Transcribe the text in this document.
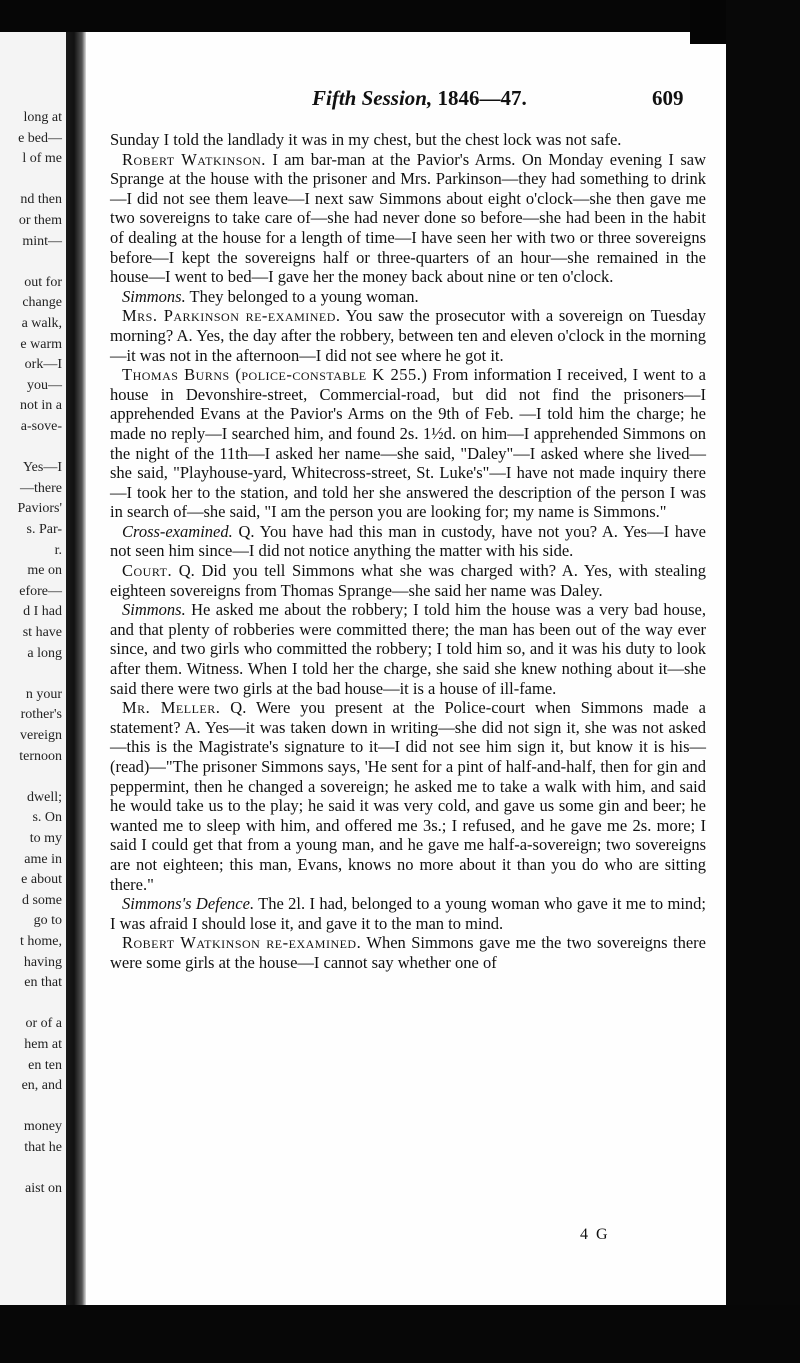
long at
e bed—
l of me
nd then
or them
mint—
out for
change
a walk,
e warm
ork—I
you—
not in a
a-sove-
Yes—I
—there
Paviors'
s. Par-
r.
me on
efore—
d I had
st have
a long
n your
rother's
vereign
ternoon
dwell;
s. On
to my
ame in
e about
d some
go to
t home,
having
en that
or of a
hem at
en ten
en, and
money
that he
aist on
Fifth Session, 1846—47.	609

Sunday I told the landlady it was in my chest, but the chest lock was not safe.

Robert Watkinson. I am bar-man at the Pavior's Arms. On Monday evening I saw Sprange at the house with the prisoner and Mrs. Parkinson—they had something to drink—I did not see them leave—I next saw Simmons about eight o'clock—she then gave me two sovereigns to take care of—she had never done so before—she had been in the habit of dealing at the house for a length of time—I have seen her with two or three sovereigns before—I kept the sovereigns half or three-quarters of an hour—she remained in the house—I went to bed—I gave her the money back about nine or ten o'clock.

Simmons. They belonged to a young woman.

Mrs. Parkinson re-examined. You saw the prosecutor with a sovereign on Tuesday morning? A. Yes, the day after the robbery, between ten and eleven o'clock in the morning—it was not in the afternoon—I did not see where he got it.

Thomas Burns (police-constable K 255.) From information I received, I went to a house in Devonshire-street, Commercial-road, but did not find the prisoners—I apprehended Evans at the Pavior's Arms on the 9th of Feb. —I told him the charge; he made no reply—I searched him, and found 2s. 1½d. on him—I apprehended Simmons on the night of the 11th—I asked her name—she said, "Daley"—I asked where she lived—she said, "Playhouse-yard, Whitecross-street, St. Luke's"—I have not made inquiry there —I took her to the station, and told her she answered the description of the person I was in search of—she said, "I am the person you are looking for; my name is Simmons."

Cross-examined. Q. You have had this man in custody, have not you? A. Yes—I have not seen him since—I did not notice anything the matter with his side.

Court. Q. Did you tell Simmons what she was charged with? A. Yes, with stealing eighteen sovereigns from Thomas Sprange—she said her name was Daley.

Simmons. He asked me about the robbery; I told him the house was a very bad house, and that plenty of robberies were committed there; the man has been out of the way ever since, and two girls who committed the robbery; I told him so, and it was his duty to look after them. Witness. When I told her the charge, she said she knew nothing about it—she said there were two girls at the bad house—it is a house of ill-fame.

Mr. Meller. Q. Were you present at the Police-court when Simmons made a statement? A. Yes—it was taken down in writing—she did not sign it, she was not asked—this is the Magistrate's signature to it—I did not see him sign it, but know it is his—(read)—"The prisoner Simmons says, 'He sent for a pint of half-and-half, then for gin and peppermint, then he changed a sovereign; he asked me to take a walk with him, and said he would take us to the play; he said it was very cold, and gave us some gin and beer; he wanted me to sleep with him, and offered me 3s.; I refused, and he gave me 2s. more; I said I could get that from a young man, and he gave me half-a-sovereign; two sovereigns are not eighteen; this man, Evans, knows no more about it than you do who are sitting there."

Simmons's Defence. The 2l. I had, belonged to a young woman who gave it me to mind; I was afraid I should lose it, and gave it to the man to mind.

Robert Watkinson re-examined. When Simmons gave me the two sovereigns there were some girls at the house—I cannot say whether one of

4 G
